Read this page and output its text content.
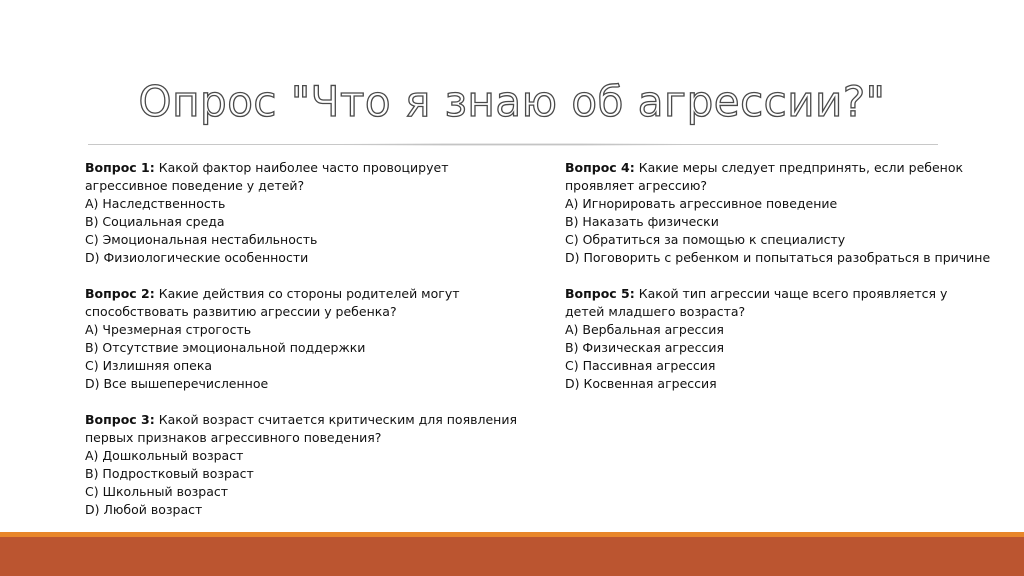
Опрос "Что я знаю об агрессии?"

Вопрос 1: Какой фактор наиболее часто провоцирует агрессивное поведение у детей?

A) Наследственность

B) Социальная среда

C) Эмоциональная нестабильность

D) Физиологические особенности

Вопрос 2: Какие действия со стороны родителей могут способствовать развитию агрессии у ребенка?

A) Чрезмерная строгость

B) Отсутствие эмоциональной поддержки

C) Излишняя опека

D) Все вышеперечисленное

Вопрос 3: Какой возраст считается критическим для появления первых признаков агрессивного поведения?

A) Дошкольный возраст

B) Подростковый возраст

C) Школьный возраст

D) Любой возраст

Вопрос 4: Какие меры следует предпринять, если ребенок проявляет агрессию?

A) Игнорировать агрессивное поведение

B) Наказать физически

C) Обратиться за помощью к специалисту

D) Поговорить с ребенком и попытаться разобраться в причине

Вопрос 5: Какой тип агрессии чаще всего проявляется у детей младшего возраста?

A) Вербальная агрессия

B) Физическая агрессия

C) Пассивная агрессия

D) Косвенная агрессия
